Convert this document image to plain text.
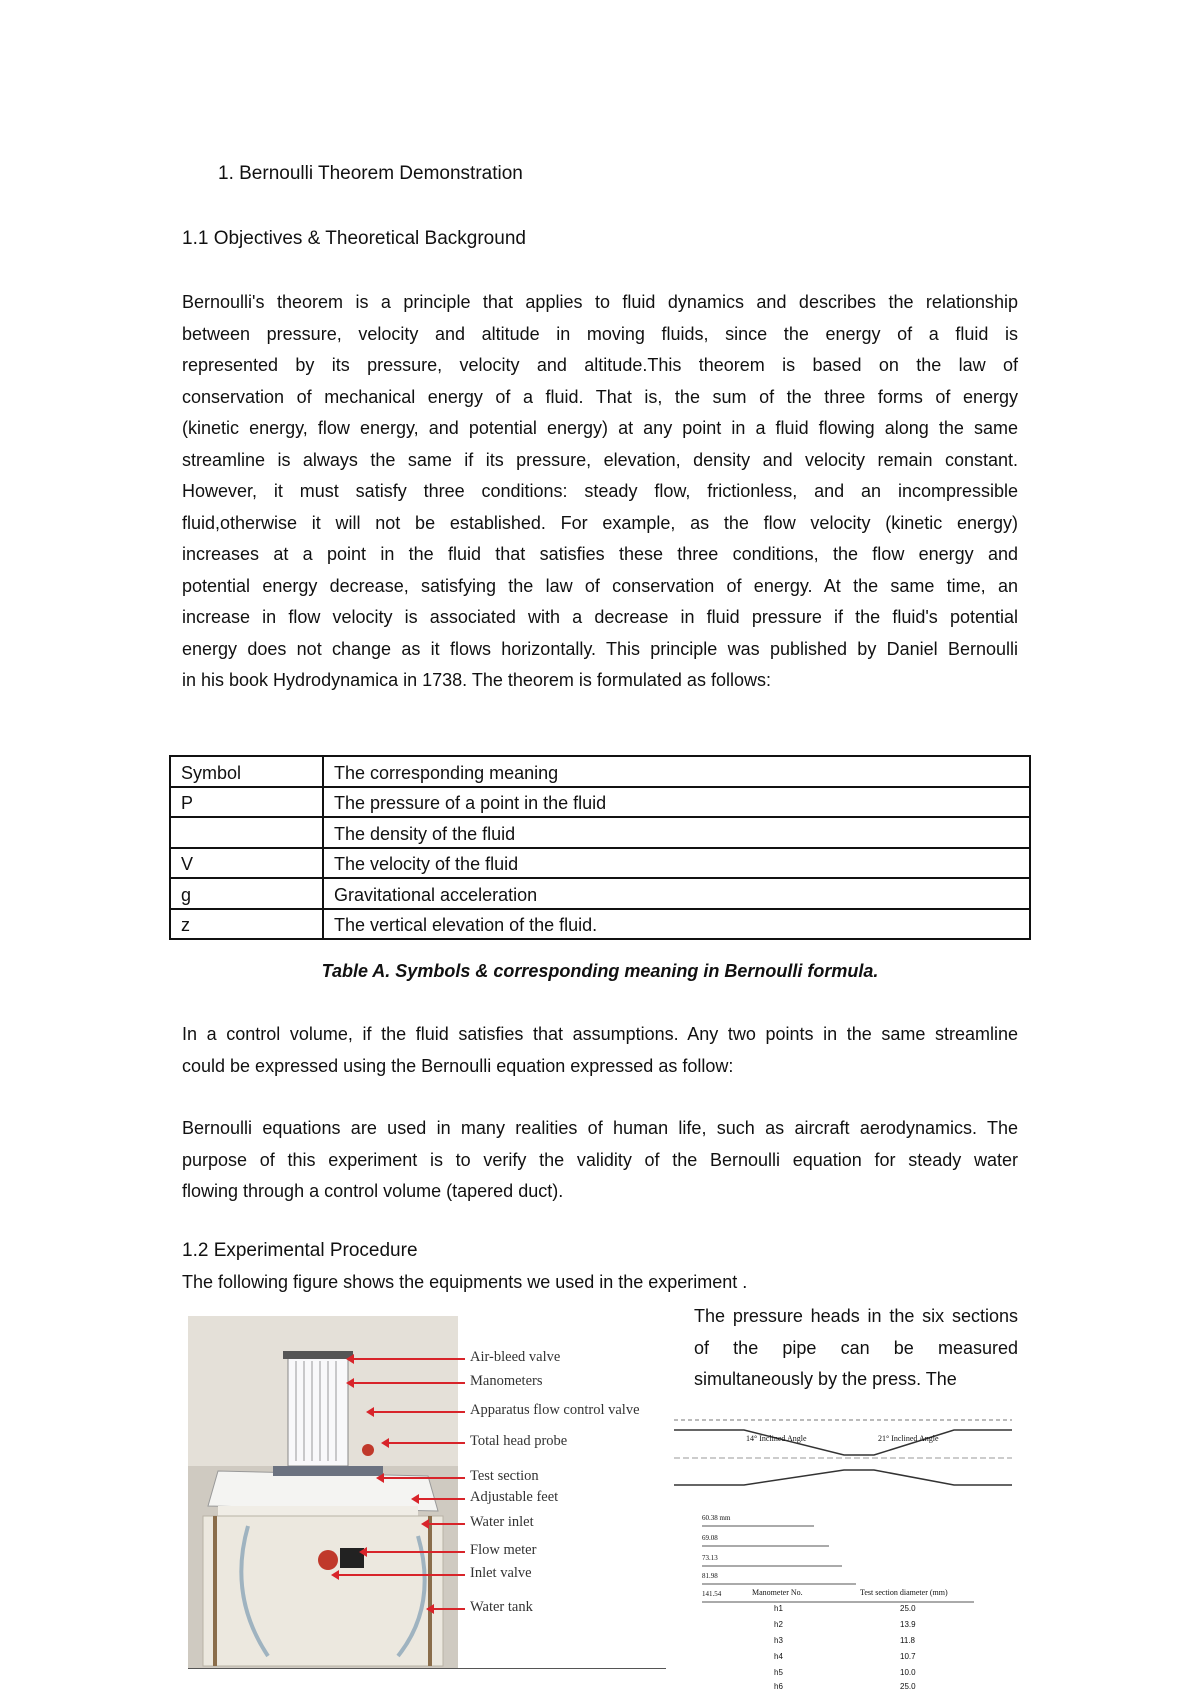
1. Bernoulli Theorem Demonstration
1.1 Objectives & Theoretical Background

Bernoulli's theorem is a principle that applies to fluid dynamics and describes the relationship

between pressure, velocity and altitude in moving fluids, since the energy of a fluid is

represented by its pressure, velocity and altitude.This theorem is based on the law of

conservation of mechanical energy of a fluid. That is, the sum of the three forms of energy

(kinetic energy, flow energy, and potential energy) at any point in a fluid flowing along the same

streamline is always the same if its pressure, elevation, density and velocity remain constant.

However, it must satisfy three conditions: steady flow, frictionless, and an incompressible

fluid,otherwise it will not be established. For example, as the flow velocity (kinetic energy)

increases at a point in the fluid that satisfies these three conditions, the flow energy and

potential energy decrease, satisfying the law of conservation of energy. At the same time, an

increase in flow velocity is associated with a decrease in fluid pressure if the fluid's potential

energy does not change as it flows horizontally. This principle was published by Daniel Bernoulli

in his book Hydrodynamica in 1738. The theorem is formulated as follows:

Symbol	The corresponding meaning
P	The pressure of a point in the fluid
	The density of the fluid
V	The velocity of the fluid
g	Gravitational acceleration
z	The vertical elevation of the fluid.
Table A. Symbols & corresponding meaning in Bernoulli formula.

In a control volume, if the fluid satisfies that assumptions. Any two points in the same streamline

could be expressed using the Bernoulli equation expressed as follow:

Bernoulli equations are used in many realities of human life, such as aircraft aerodynamics. The

purpose of this experiment is to verify the validity of the Bernoulli equation for steady water

flowing through a control volume (tapered duct).

1.2 Experimental Procedure
The following figure shows the equipments we used in the experiment .

The pressure heads in the six sections

of the pipe can be measured

simultaneously by the press. The

Air-bleed valve
Manometers
Apparatus flow control valve
Total head probe
Test section
Adjustable feet
Water inlet
Flow meter
Inlet valve
Water tank
14° Inclined Angle	21° Inclined Angle
60.38 mm
69.08
73.13
81.98
141.54	Manometer No.	Test section diameter (mm)
h1	25.0
h2	13.9
h3	11.8
h4	10.7
h5	10.0
h6	25.0
